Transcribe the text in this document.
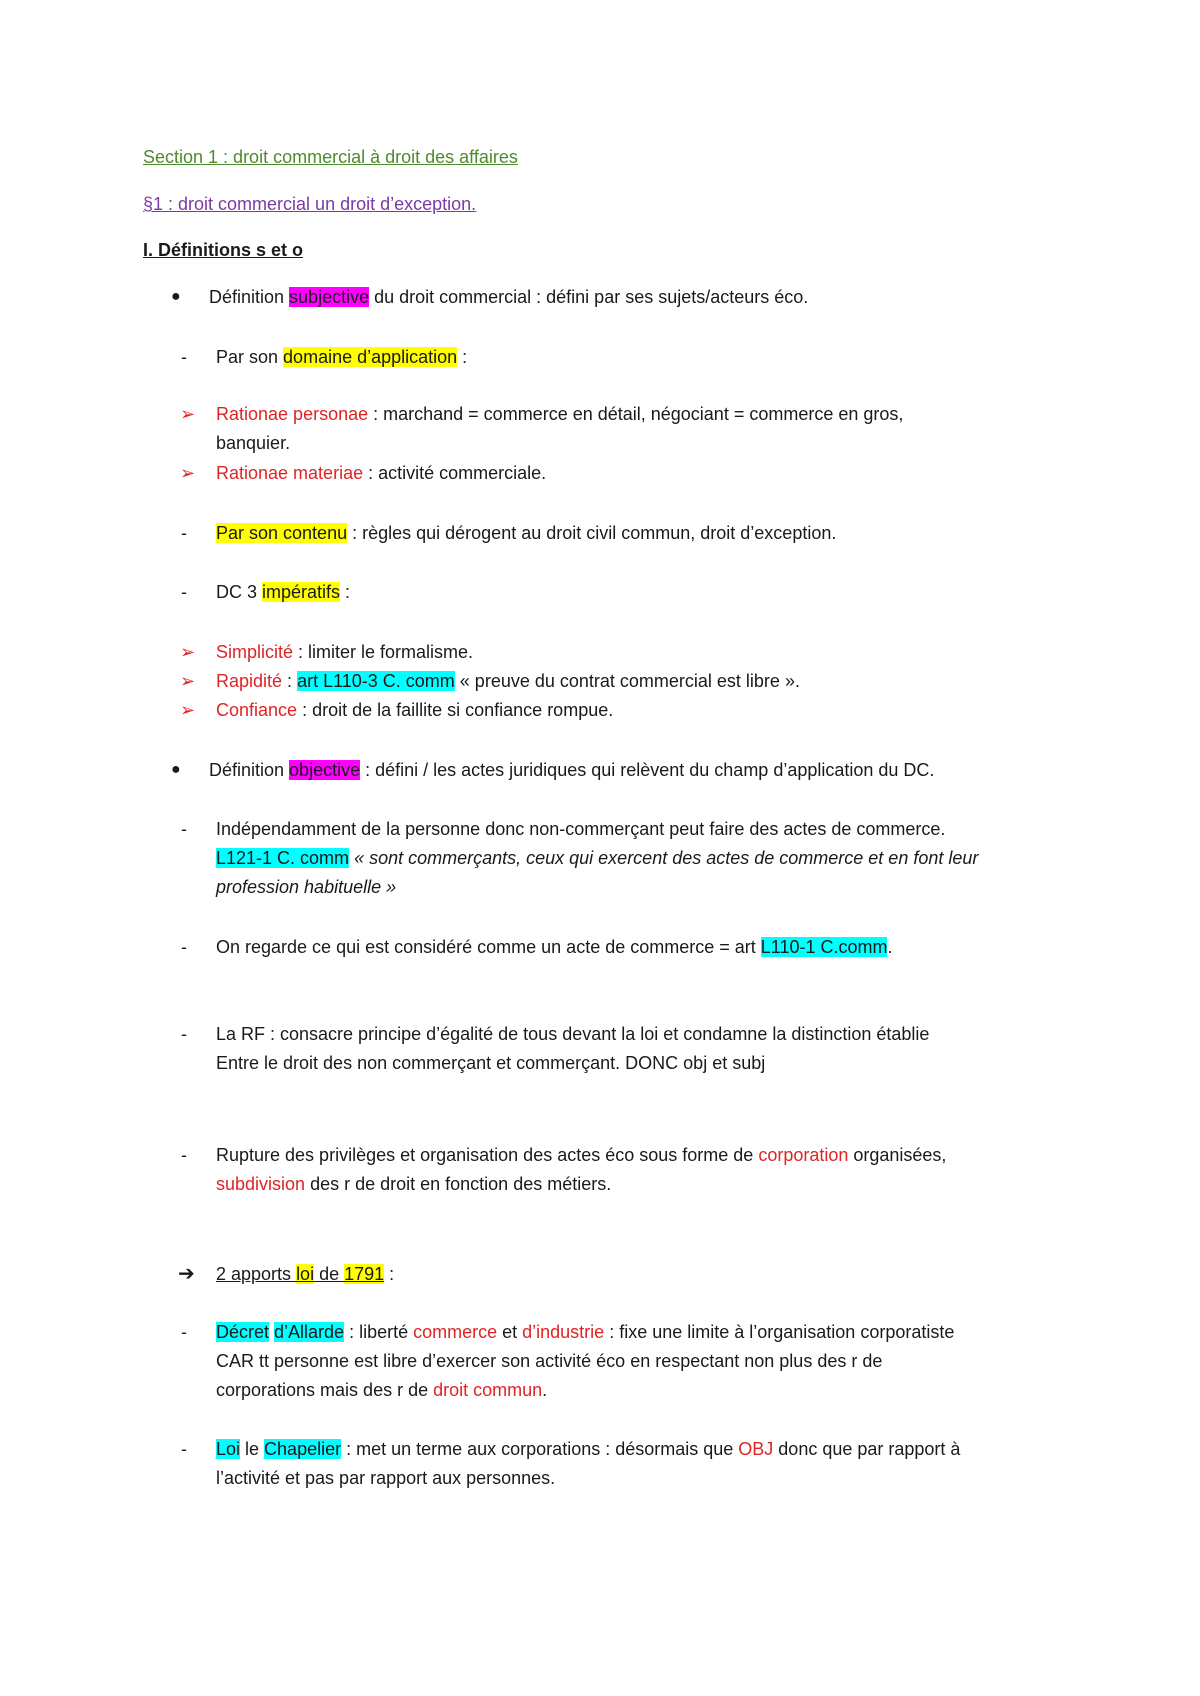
Section 1 : droit commercial à droit des affaires
§1 : droit commercial un droit d’exception.
I. Définitions s et o
● Définition subjective du droit commercial : défini par ses sujets/acteurs éco.
- Par son domaine d’application :
➢ Rationae personae : marchand = commerce en détail, négociant = commerce en gros,
banquier.
➢ Rationae materiae : activité commerciale.
- Par son contenu : règles qui dérogent au droit civil commun, droit d’exception.
- DC 3 impératifs :
➢ Simplicité : limiter le formalisme.
➢ Rapidité : art L110-3 C. comm « preuve du contrat commercial est libre ».
➢ Confiance : droit de la faillite si confiance rompue.
● Définition objective : défini / les actes juridiques qui relèvent du champ d’application du DC.
- Indépendamment de la personne donc non-commerçant peut faire des actes de commerce.
L121-1 C. comm « sont commerçants, ceux qui exercent des actes de commerce et en font leur
profession habituelle »
- On regarde ce qui est considéré comme un acte de commerce = art L110-1 C.comm.
- La RF : consacre principe d’égalité de tous devant la loi et condamne la distinction établie
Entre le droit des non commerçant et commerçant. DONC obj et subj
- Rupture des privilèges et organisation des actes éco sous forme de corporation organisées,
subdivision des r de droit en fonction des métiers.
➔ 2 apports loi de 1791 :
- Décret d’Allarde : liberté commerce et d’industrie : fixe une limite à l’organisation corporatiste
CAR tt personne est libre d’exercer son activité éco en respectant non plus des r de
corporations mais des r de droit commun.
- Loi le Chapelier : met un terme aux corporations : désormais que OBJ donc que par rapport à
l’activité et pas par rapport aux personnes.
